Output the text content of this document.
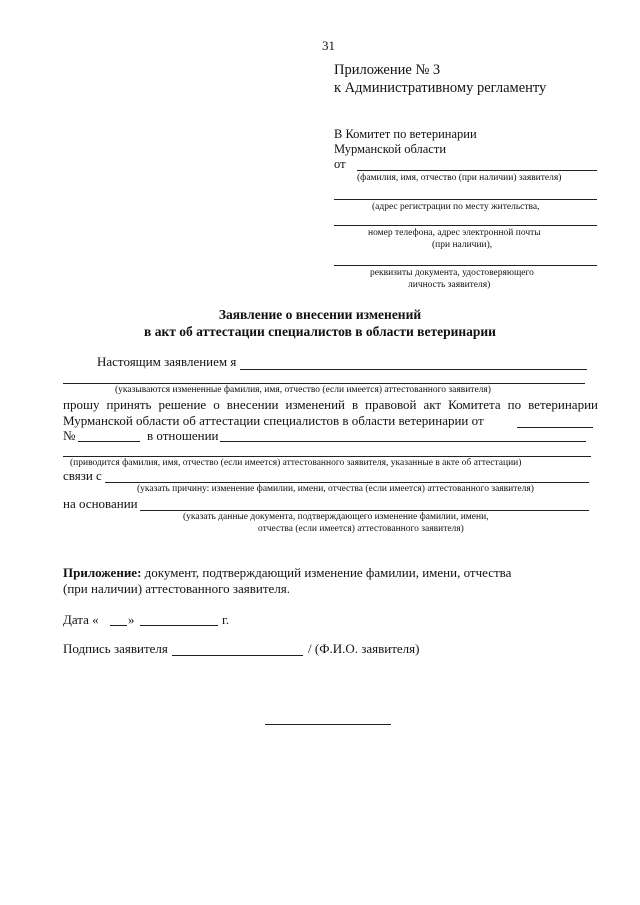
31
Приложение № 3
к Административному регламенту
В Комитет по ветеринарии
Мурманской области
от
(фамилия, имя, отчество (при наличии) заявителя)
(адрес регистрации по месту жительства,
номер телефона, адрес электронной почты
(при наличии),
реквизиты документа, удостоверяющего
личность заявителя)
Заявление о внесении изменений
в акт об аттестации специалистов в области ветеринарии
Настоящим заявлением я
(указываются измененные фамилия, имя, отчество (если имеется) аттестованного заявителя)
прошу принять решение о внесении изменений в правовой акт Комитета по ветеринарии
Мурманской области об аттестации специалистов в области ветеринарии от
№	в отношении
(приводится фамилия, имя, отчество (если имеется) аттестованного заявителя, указанные в акте об аттестации)
связи с
(указать причину: изменение фамилии, имени, отчества (если имеется) аттестованного заявителя)
на основании
(указать данные документа, подтверждающего изменение фамилии, имени,
отчества (если имеется) аттестованного заявителя)
Приложение: документ, подтверждающий изменение фамилии, имени, отчества
(при наличии) аттестованного заявителя.
Дата « »	г.
Подпись заявителя	/ (Ф.И.О. заявителя)
